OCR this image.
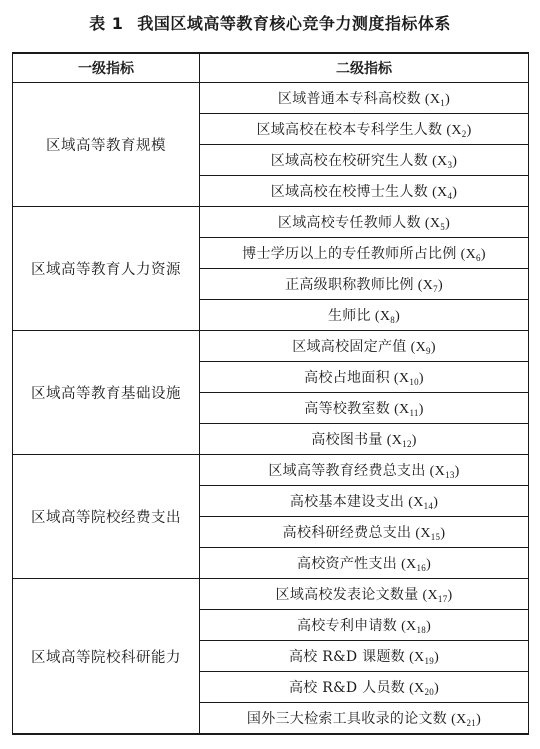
表 1 我国区域高等教育核心竞争力测度指标体系
一级指标	二级指标
区域高等教育规模	区域普通本专科高校数 $(X_1)$
	区域高校在校本专科学生人数 $(X_2)$
	区域高校在校研究生人数 $(X_3)$
	区域高校在校博士生人数 $(X_4)$
区域高等教育人力资源	区域高校专任教师人数 $(X_5)$
	博士学历以上的专任教师所占比例 $(X_6)$
	正高级职称教师比例 $(X_7)$
	生师比 $(X_8)$
区域高等教育基础设施	区域高校固定产值 $(X_9)$
	高校占地面积 $(X_{10})$
	高等校教室数 $(X_{11})$
	高校图书量 $(X_{12})$
区域高等院校经费支出	区域高等教育经费总支出 $(X_{13})$
	高校基本建设支出 $(X_{14})$
	高校科研经费总支出 $(X_{15})$
	高校资产性支出 $(X_{16})$
区域高等院校科研能力	区域高校发表论文数量 $(X_{17})$
	高校专利申请数 $(X_{18})$
	高校 R&D 课题数 $(X_{19})$
	高校 R&D 人员数 $(X_{20})$
	国外三大检索工具收录的论文数 $(X_{21})$
